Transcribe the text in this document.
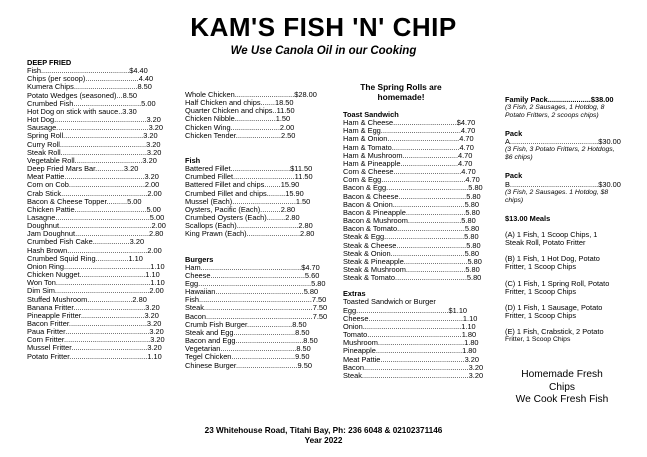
KAM'S FISH 'N' CHIP
We Use Canola Oil in our Cooking
DEEP FRIED
Fish...........................................$4.40
Chips (per scoop)..........................4.40
Kumera Chips...............................8.50
Potato Wedges (seasoned)...8.50
Crumbed Fish.................................5.00
Hot Dog on stick with sauce..3.30
Hot Dog.............................................3.20
Sausage.............................................3.20
Spring Roll.......................................3.20
Curry Roll..........................................3.20
Steak Roll..........................................3.20
Vegetable Roll.................................3.20
Deep Fried Mars Bar..............3.20
Meat Pattie.......................................3.20
Corn on Cob.....................................2.00
Crab Stick..........................................2.00
Bacon & Cheese Topper..........5.00
Chicken Pattie...................................5.00
Lasagne..............................................5.00
Doughnut.............................................2.00
Jam Doughnut....................................2.80
Crumbed Fish Cake..................3.20
Hash Brown.......................................2.00
Crumbed Squid Ring................1.10
Onion Ring..........................................1.10
Chicken Nugget................................1.10
Won Ton..............................................1.10
Dim Sim..............................................2.00
Stuffed Mushroom......................2.80
Banana Fritter...................................3.20
Pineapple Fritter...............................3.20
Bacon Fritter......................................3.20
Paua Fritter.........................................3.20
Corn Fritter..........................................3.20
Mussel Fritter.....................................3.20
Potato Fritter......................................1.10
Whole Chicken.............................$28.00
Half Chicken and chips.......18.50
Quarter Chicken and chips..11.50
Chicken Nibble....................1.50
Chicken Wing........................2.00
Chicken Tender......................2.50
Fish
Battered Fillet.............................$11.50
Crumbed Fillet..............................11.50
Battered Fillet and chips........15.90
Crumbed Fillet and chips.........15.90
Mussel (Each)...............................1.50
Oysters, Pacific (Each)..........2.80
Crumbed Oysters (Each).........2.80
Scallops (Each)..............................2.80
King Prawn (Each)..........................2.80
Burgers
Ham.................................................$4.70
Cheese..............................................5.60
Egg.......................................................5.80
Hawaiian...........................................5.80
Fish.......................................................7.50
Steak.....................................................7.50
Bacon....................................................7.50
Crumb Fish Burger......................8.50
Steak and Egg..............................8.50
Bacon and Egg.................................8.50
Vegetarian.....................................8.50
Tegel Chicken...............................9.50
Chinese Burger..............................9.50
The Spring Rolls are homemade!
Toast Sandwich
Ham & Cheese...............................$4.70
Ham & Egg.......................................4.70
Ham & Onion...................................4.70
Ham & Tomato.................................4.70
Ham & Mushroom...........................4.70
Ham & Pineapple............................4.70
Corn & Cheese.................................4.70
Corn & Egg.........................................4.70
Bacon & Egg........................................5.80
Bacon & Cheese.................................5.80
Bacon & Onion...................................5.80
Bacon & Pineapple.............................5.80
Bacon & Mushroom..........................5.80
Bacon & Tomato.................................5.80
Steak & Egg.......................................5.80
Steak & Cheese..................................5.80
Steak & Onion....................................5.80
Steak & Pineapple...............................5.80
Steak & Mushroom.............................5.80
Steak & Tomato...................................5.80
Extras
Toasted Sandwich or Burger
Egg.............................................$1.10
Cheese..............................................1.10
Onion................................................1.10
Tomato..............................................1.80
Mushroom..........................................1.80
Pineapple..........................................1.80
Meat Pattie.........................................3.20
Bacon...................................................3.20
Steak....................................................3.20
Family Pack.....................$38.00
(3 Fish, 2 Sausages, 1 Hotdog, 8 Potato Fritters, 2 scoops chips)
Pack
A...........................................$30.00
(3 Fish, 3 Potato Fritters, 2 Hotdogs, $6 chips)
Pack
B...........................................$30.00
(3 Fish, 2 Sausages. 1 Hotdog, $8 chips)
$13.00 Meals
(A) 1 Fish, 1 Scoop Chips, 1 Steak Roll, Potato Fritter
(B) 1 Fish, 1 Hot Dog, Potato Fritter, 1 Scoop Chips
(C) 1 Fish, 1 Spring Roll, Potato Fritter, 1 Scoop Chips
(D) 1 Fish, 1 Sausage, Potato Fritter, 1 Scoop Chips
(E) 1 Fish, Crabstick, 2 Potato
Fritter, 1 Scoop Chips
Homemade Fresh
Chips
We Cook Fresh Fish
23 Whitehouse Road, Titahi Bay, Ph: 236 6048 & 02102371146
Year 2022
